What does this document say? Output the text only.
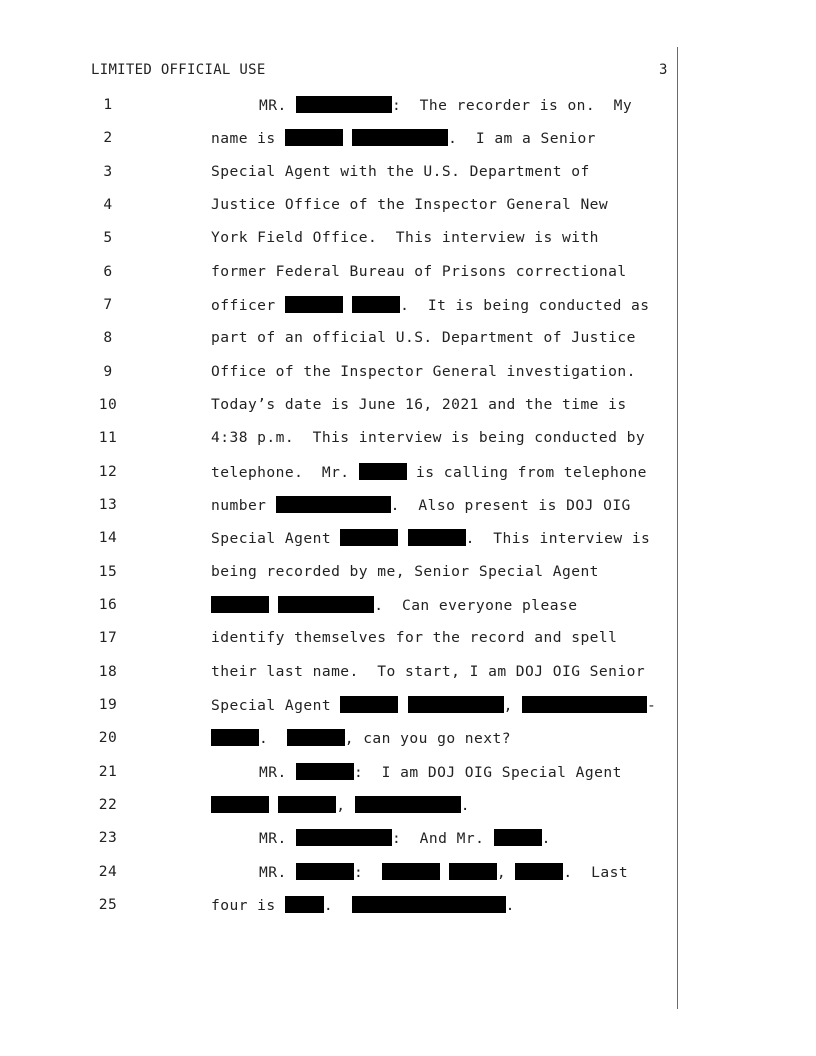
LIMITED OFFICIAL USE	3

1

	MR.	:  The recorder is on.  My

2

	name is	.  I am a Senior

3

	Special Agent with the U.S. Department of

4

	Justice Office of the Inspector General New

5

	York Field Office.  This interview is with

6

	former Federal Bureau of Prisons correctional

7

	officer	.  It is being conducted as

8

	part of an official U.S. Department of Justice

9

	Office of the Inspector General investigation.

10

	Today’s date is June 16, 2021 and the time is

11

	4:38 p.m.  This interview is being conducted by

12

	telephone.  Mr.	is calling from telephone

13

	number	.  Also present is DOJ OIG

14

	Special Agent	.  This interview is

15

	being recorded by me, Senior Special Agent

16

	.  Can everyone please

17

	identify themselves for the record and spell

18

	their last name.  To start, I am DOJ OIG Senior

19

	Special Agent	,	-

20

	.	, can you go next?

21

	MR.	:  I am DOJ OIG Special Agent

22

	,	.

23

	MR.	:  And Mr.	.

24

	MR.	:	,	.  Last

25

	four is	.	.
